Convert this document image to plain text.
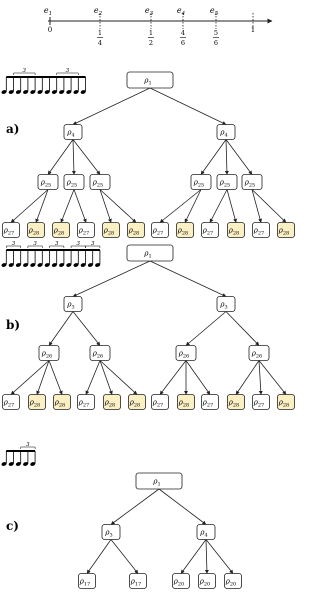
$e_1$
0
$e_2$
1
4
$e_3$
1
2
$e_4$
4
6
$e_5$
5
6
1
a)
3	3
$\rho_1$
$\rho_4$	$\rho_4$
$\rho_{25}$ $\rho_{25}$ $\rho_{25}$	$\rho_{25}$ $\rho_{25}$ $\rho_{25}$
$\rho_{27}$ $\rho_{28}$ $\rho_{28}$ $\rho_{27}$ $\rho_{28}$ $\rho_{28}$ $\rho_{27}$ $\rho_{28}$ $\rho_{27}$ $\rho_{28}$ $\rho_{27}$ $\rho_{28}$
b)
3	3	3	3 3
$\rho_1$
$\rho_3$	$\rho_3$
$\rho_{26}$	$\rho_{26}$	$\rho_{26}$	$\rho_{26}$
$\rho_{27}$ $\rho_{28}$ $\rho_{28}$ $\rho_{27}$ $\rho_{28}$ $\rho_{28}$ $\rho_{27}$ $\rho_{28}$ $\rho_{27}$ $\rho_{28}$ $\rho_{27}$ $\rho_{28}$
c)
3
$\rho_1$
$\rho_3$	$\rho_4$
$\rho_{17}$	$\rho_{17}$	$\rho_{20}$ $\rho_{20}$ $\rho_{20}$
